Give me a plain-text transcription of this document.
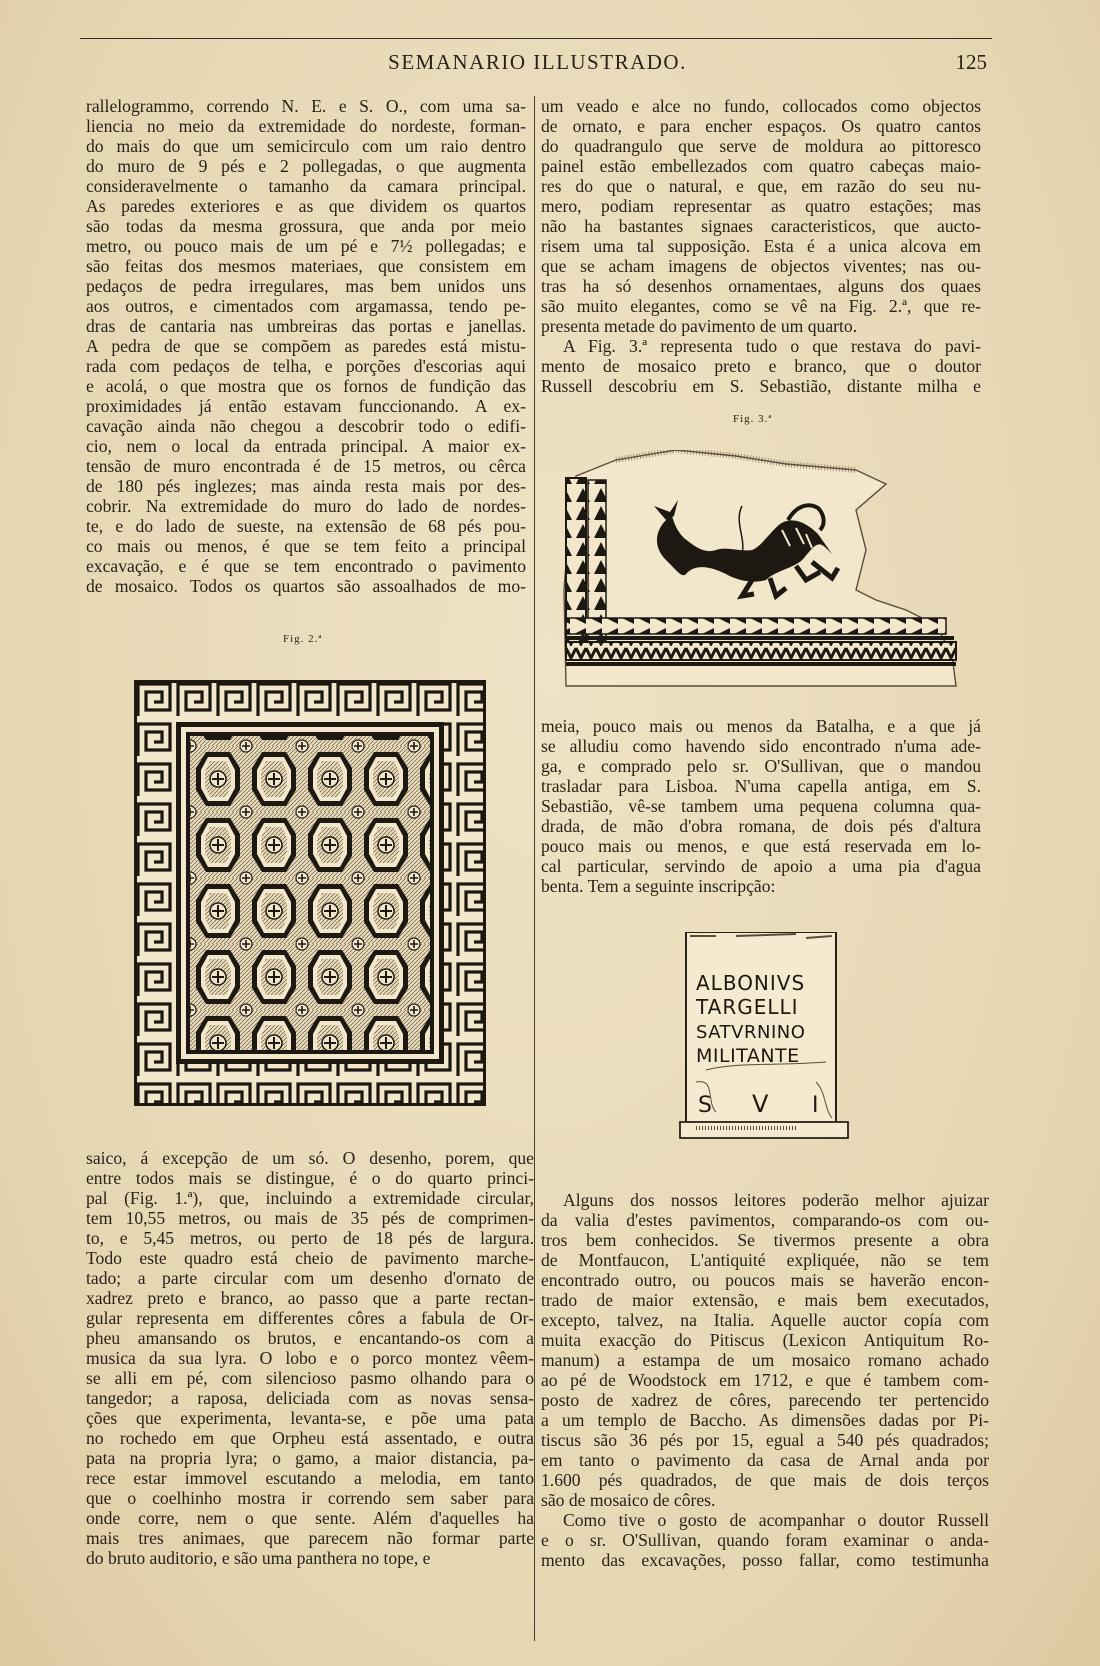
SEMANARIO ILLUSTRADO.	125
rallelogrammo, correndo N. E. e S. O., com uma sa-
liencia no meio da extremidade do nordeste, forman-
do mais do que um semicirculo com um raio dentro
do muro de 9 pés e 2 pollegadas, o que augmenta
consideravelmente o tamanho da camara principal.
As paredes exteriores e as que dividem os quartos
são todas da mesma grossura, que anda por meio
metro, ou pouco mais de um pé e 7½ pollegadas; e
são feitas dos mesmos materiaes, que consistem em
pedaços de pedra irregulares, mas bem unidos uns
aos outros, e cimentados com argamassa, tendo pe-
dras de cantaria nas umbreiras das portas e janellas.
A pedra de que se compõem as paredes está mistu-
rada com pedaços de telha, e porções d'escorias aqui
e acolá, o que mostra que os fornos de fundição das
proximidades já então estavam funccionando. A ex-
cavação ainda não chegou a descobrir todo o edifi-
cio, nem o local da entrada principal. A maior ex-
tensão de muro encontrada é de 15 metros, ou cêrca
de 180 pés inglezes; mas ainda resta mais por des-
cobrir. Na extremidade do muro do lado de nordes-
te, e do lado de sueste, na extensão de 68 pés pou-
co mais ou menos, é que se tem feito a principal
excavação, e é que se tem encontrado o pavimento
de mosaico. Todos os quartos são assoalhados de mo-
Fig. 2.ª
saico, á excepção de um só. O desenho, porem, que
entre todos mais se distingue, é o do quarto princi-
pal (Fig. 1.ª), que, incluindo a extremidade circular,
tem 10,55 metros, ou mais de 35 pés de comprimen-
to, e 5,45 metros, ou perto de 18 pés de largura.
Todo este quadro está cheio de pavimento marche-
tado; a parte circular com um desenho d'ornato de
xadrez preto e branco, ao passo que a parte rectan-
gular representa em differentes côres a fabula de Or-
pheu amansando os brutos, e encantando-os com a
musica da sua lyra. O lobo e o porco montez vêem-
se alli em pé, com silencioso pasmo olhando para o
tangedor; a raposa, deliciada com as novas sensa-
ções que experimenta, levanta-se, e põe uma pata
no rochedo em que Orpheu está assentado, e outra
pata na propria lyra; o gamo, a maior distancia, pa-
rece estar immovel escutando a melodia, em tanto
que o coelhinho mostra ir correndo sem saber para
onde corre, nem o que sente. Além d'aquelles ha
mais tres animaes, que parecem não formar parte
do bruto auditorio, e são uma panthera no tope, e
um veado e alce no fundo, collocados como objectos
de ornato, e para encher espaços. Os quatro cantos
do quadrangulo que serve de moldura ao pittoresco
painel estão embellezados com quatro cabeças maio-
res do que o natural, e que, em razão do seu nu-
mero, podiam representar as quatro estações; mas
não ha bastantes signaes caracteristicos, que aucto-
risem uma tal supposição. Esta é a unica alcova em
que se acham imagens de objectos viventes; nas ou-
tras ha só desenhos ornamentaes, alguns dos quaes
são muito elegantes, como se vê na Fig. 2.ª, que re-
presenta metade do pavimento de um quarto.
A Fig. 3.ª representa tudo o que restava do pavi-
mento de mosaico preto e branco, que o doutor
Russell descobriu em S. Sebastião, distante milha e
Fig. 3.ª
meia, pouco mais ou menos da Batalha, e a que já
se alludiu como havendo sido encontrado n'uma ade-
ga, e comprado pelo sr. O'Sullivan, que o mandou
trasladar para Lisboa. N'uma capella antiga, em S.
Sebastião, vê-se tambem uma pequena columna qua-
drada, de mão d'obra romana, de dois pés d'altura
pouco mais ou menos, e que está reservada em lo-
cal particular, servindo de apoio a uma pia d'agua
benta. Tem a seguinte inscripção:
ALBONIVS
TARGELLI
SATVRNINO
MILITANTE
S V I
Alguns dos nossos leitores poderão melhor ajuizar
da valia d'estes pavimentos, comparando-os com ou-
tros bem conhecidos. Se tivermos presente a obra
de Montfaucon, L'antiquité expliquée, não se tem
encontrado outro, ou poucos mais se haverão encon-
trado de maior extensão, e mais bem executados,
excepto, talvez, na Italia. Aquelle auctor copía com
muita exacção do Pitiscus (Lexicon Antiquitum Ro-
manum) a estampa de um mosaico romano achado
ao pé de Woodstock em 1712, e que é tambem com-
posto de xadrez de côres, parecendo ter pertencido
a um templo de Baccho. As dimensões dadas por Pi-
tiscus são 36 pés por 15, egual a 540 pés quadrados;
em tanto o pavimento da casa de Arnal anda por
1.600 pés quadrados, de que mais de dois terços
são de mosaico de côres.
Como tive o gosto de acompanhar o doutor Russell
e o sr. O'Sullivan, quando foram examinar o anda-
mento das excavações, posso fallar, como testimunha
